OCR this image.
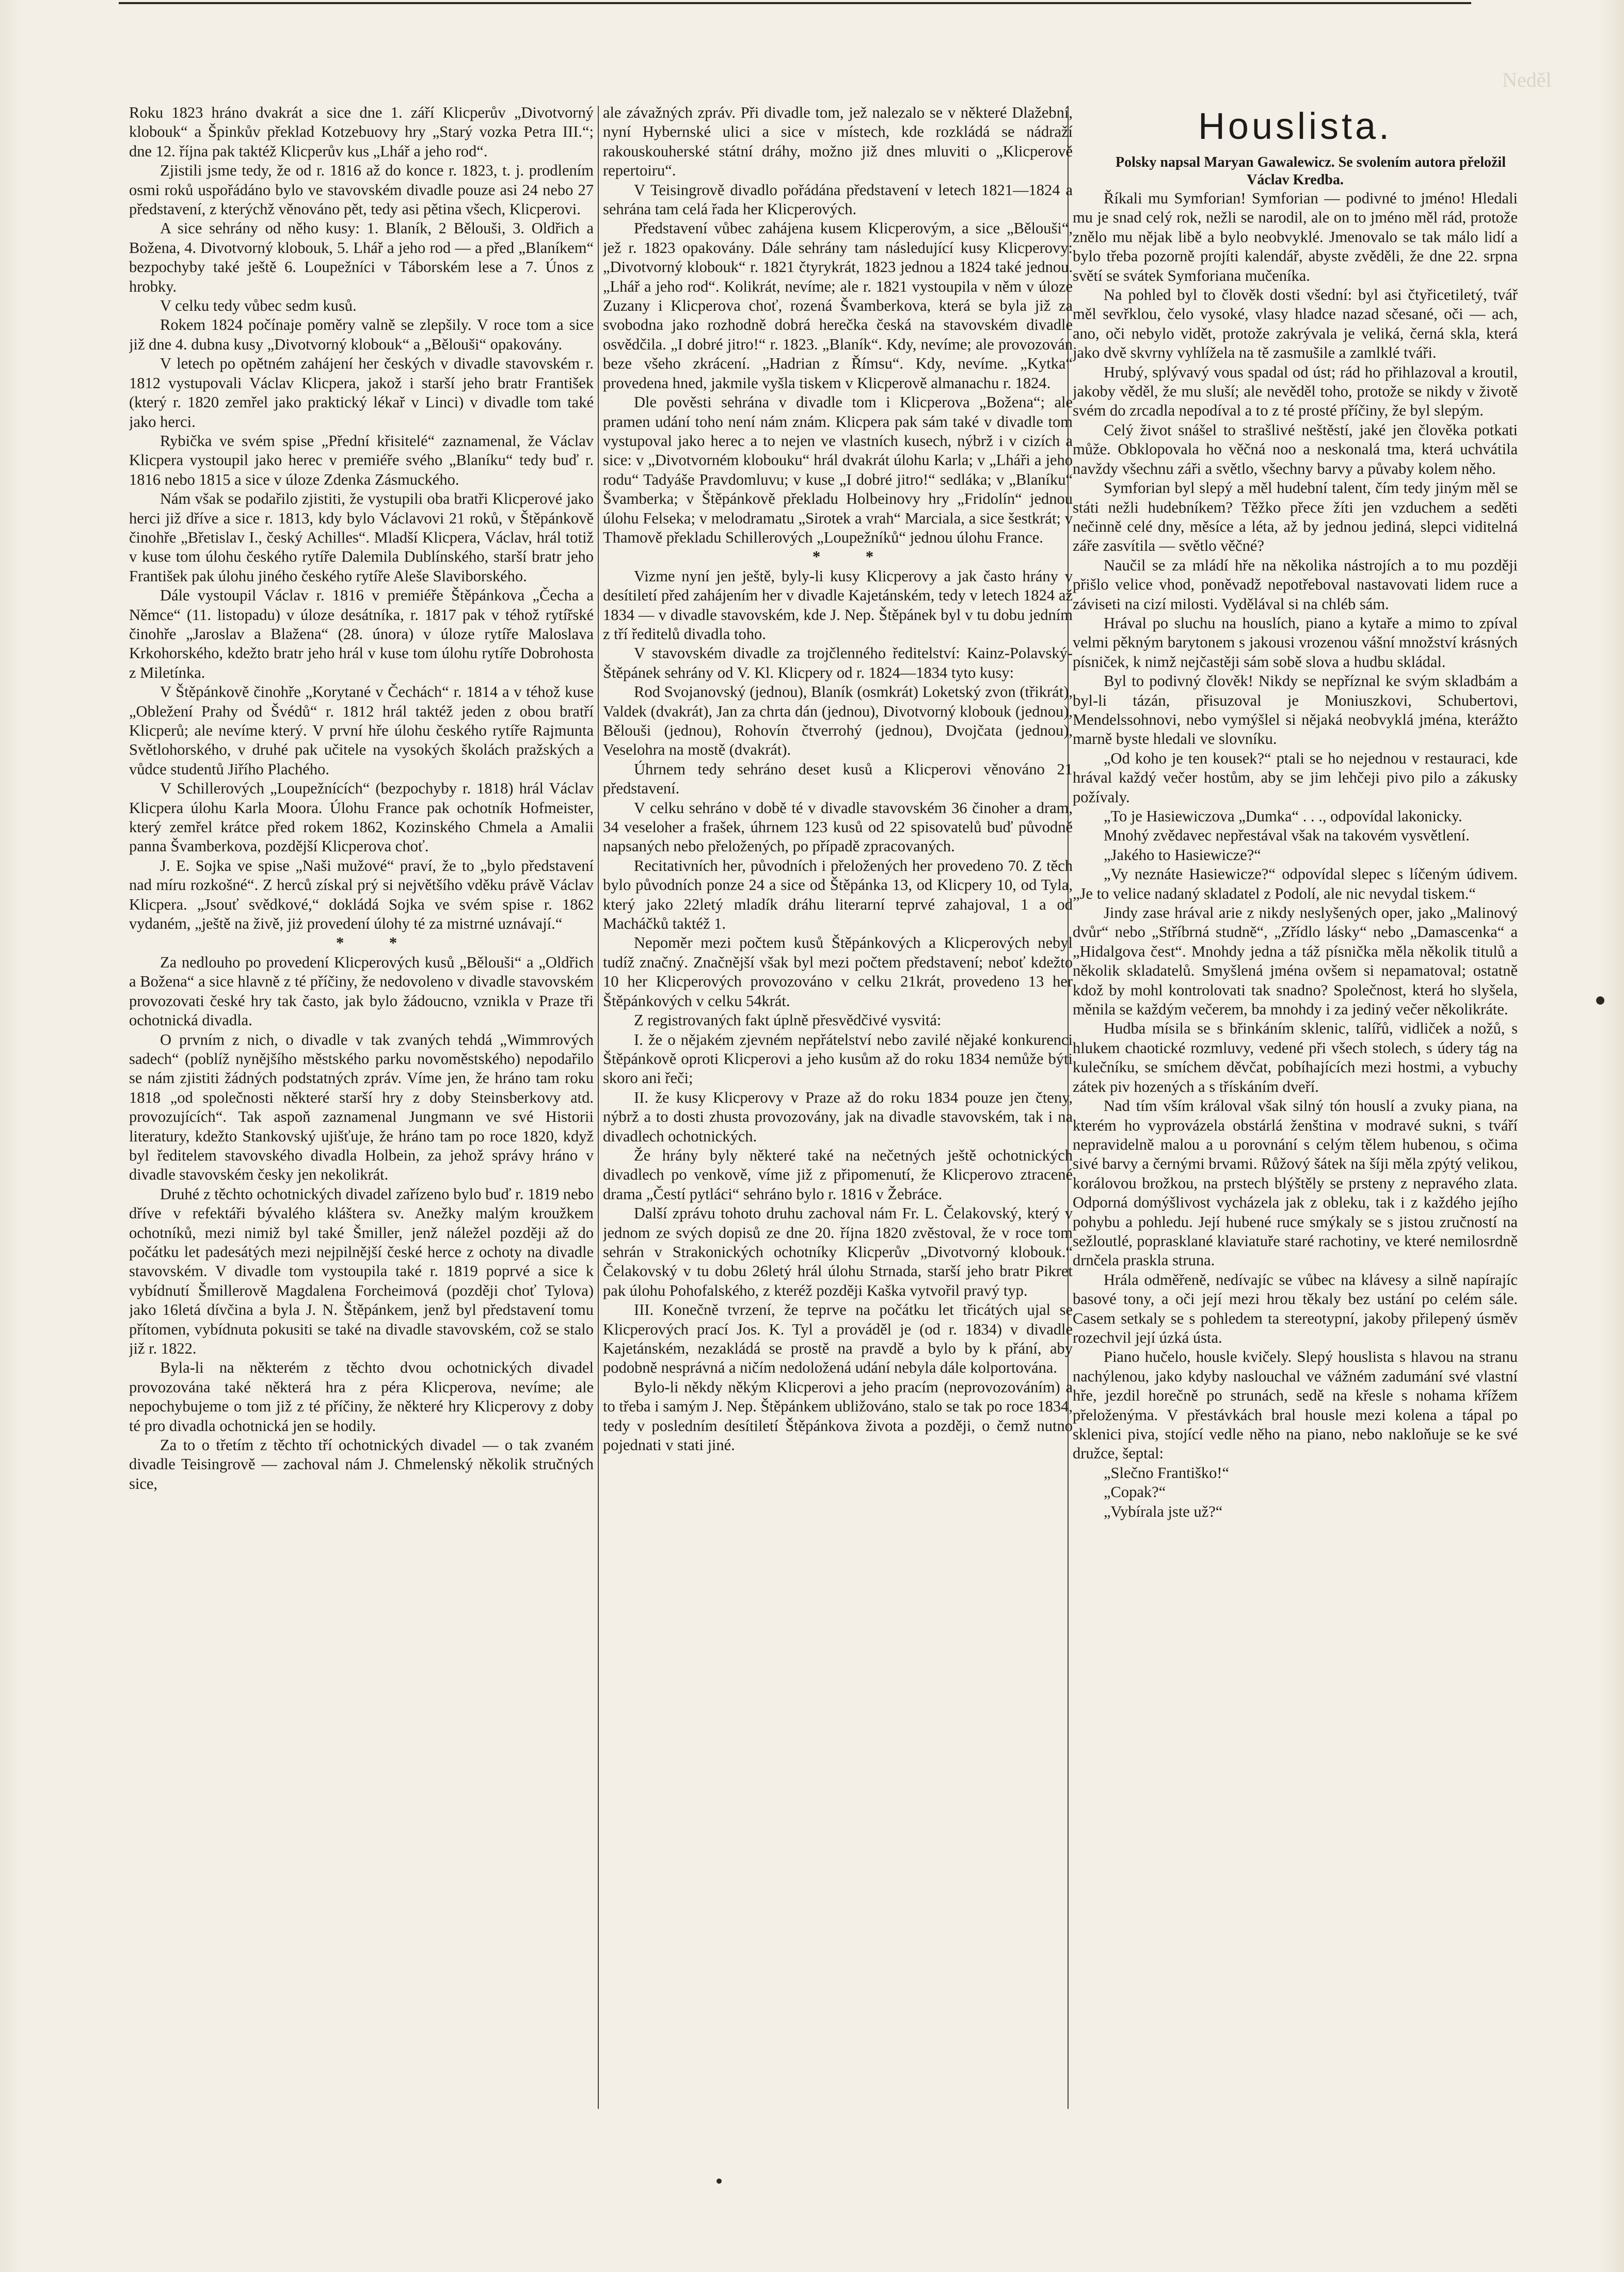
Neděl

Roku 1823 hráno dvakrát a sice dne 1. září Klicperův „Divotvorný klobouk“ a Špinkův překlad Kotzebuovy hry „Starý vozka Petra III.“; dne 12. října pak taktéž Klicperův kus „Lhář a jeho rod“.

Zjistili jsme tedy, že od r. 1816 až do konce r. 1823, t. j. prodlením osmi roků uspořádáno bylo ve stavovském divadle pouze asi 24 nebo 27 představení, z kterýchž věnováno pět, tedy asi pětina všech, Klicperovi.

A sice sehrány od něho kusy: 1. Blaník, 2 Bělouši, 3. Oldřich a Božena, 4. Divotvorný klobouk, 5. Lhář a jeho rod — a před „Blaníkem“ bezpochyby také ještě 6. Loupežníci v Táborském lese a 7. Únos z hrobky.

V celku tedy vůbec sedm kusů.

Rokem 1824 počínaje poměry valně se zlepšily. V roce tom a sice již dne 4. dubna kusy „Divotvorný klobouk“ a „Bělouši“ opakovány.

V letech po opětném zahájení her českých v divadle stavovském r. 1812 vystupovali Václav Klicpera, jakož i starší jeho bratr František (který r. 1820 zemřel jako praktický lékař v Linci) v divadle tom také jako herci.

Rybička ve svém spise „Přední křisitelé“ zaznamenal, že Václav Klicpera vystoupil jako herec v premiéře svého „Blaníku“ tedy buď r. 1816 nebo 1815 a sice v úloze Zdenka Zásmuckého.

Nám však se podařilo zjistiti, že vystupili oba bratři Klicperové jako herci již dříve a sice r. 1813, kdy bylo Václavovi 21 roků, v Štěpánkově činohře „Břetislav I., český Achilles“. Mladší Klicpera, Václav, hrál totiž v kuse tom úlohu českého rytíře Dalemila Dublínského, starší bratr jeho František pak úlohu jiného českého rytíře Aleše Slaviborského.

Dále vystoupil Václav r. 1816 v premiéře Štěpánkova „Čecha a Němce“ (11. listopadu) v úloze desátníka, r. 1817 pak v téhož rytířské činohře „Jaroslav a Blažena“ (28. února) v úloze rytíře Maloslava Krkohorského, kdežto bratr jeho hrál v kuse tom úlohu rytíře Dobrohosta z Miletínka.

V Štěpánkově činohře „Korytané v Čechách“ r. 1814 a v téhož kuse „Obležení Prahy od Švédů“ r. 1812 hrál taktéž jeden z obou bratří Klicperů; ale nevíme který. V první hře úlohu českého rytíře Rajmunta Světlohorského, v druhé pak učitele na vysokých školách pražských a vůdce studentů Jiřího Plachého.

V Schillerových „Loupežnících“ (bezpochyby r. 1818) hrál Václav Klicpera úlohu Karla Moora. Úlohu France pak ochotník Hofmeister, který zemřel krátce před rokem 1862, Kozinského Chmela a Amalii panna Švamberkova, pozdější Klicperova choť.

J. E. Sojka ve spise „Naši mužové“ praví, že to „bylo představení nad míru rozkošné“. Z herců získal prý si největšího vděku právě Václav Klicpera. „Jsouť svědkové,“ dokládá Sojka ve svém spise r. 1862 vydaném, „ještě na živě, jiż provedení úlohy té za mistrné uznávají.“

* *

Za nedlouho po provedení Klicperových kusů „Bělouši“ a „Oldřich a Božena“ a sice hlavně z té příčiny, že nedovoleno v divadle stavovském provozovati české hry tak často, jak bylo žádoucno, vznikla v Praze tři ochotnická divadla.

O prvním z nich, o divadle v tak zvaných tehdá „Wimmrových sadech“ (poblíž nynějšího městského parku novoměstského) nepodařilo se nám zjistiti žádných podstatných zpráv. Víme jen, že hráno tam roku 1818 „od společnosti některé starší hry z doby Steinsberkovy atd. provozujících“. Tak aspoň zaznamenal Jungmann ve své Historii literatury, kdežto Stankovský ujišťuje, že hráno tam po roce 1820, když byl ředitelem stavovského divadla Holbein, za jehož správy hráno v divadle stavovském česky jen nekolikrát.

Druhé z těchto ochotnických divadel zařízeno bylo buď r. 1819 nebo dříve v refektáři bývalého kláštera sv. Anežky malým kroužkem ochotníků, mezi nimiž byl také Šmiller, jenž náležel později až do počátku let padesátých mezi nejpilnější české herce z ochoty na divadle stavovském. V divadle tom vystoupila také r. 1819 poprvé a sice k vybídnutí Šmillerově Magdalena Forcheimová (později choť Tylova) jako 16letá dívčina a byla J. N. Štěpánkem, jenž byl představení tomu přítomen, vybídnuta pokusiti se také na divadle stavovském, což se stalo již r. 1822.

Byla-li na některém z těchto dvou ochotnických divadel provozována také některá hra z péra Klicperova, nevíme; ale nepochybujeme o tom již z té příčiny, že některé hry Klicperovy z doby té pro divadla ochotnická jen se hodily.

Za to o třetím z těchto tří ochotnických divadel — o tak zvaném divadle Teisingrově — zachoval nám J. Chmelenský několik stručných sice,

ale závažných zpráv. Při divadle tom, jež nalezalo se v některé Dlažební, nyní Hybernské ulici a sice v místech, kde rozkládá se nádraží rakouskouherské státní dráhy, možno již dnes mluviti o „Klicperově repertoiru“.

V Teisingrově divadlo pořádána představení v letech 1821—1824 a sehrána tam celá řada her Klicperových.

Představení vůbec zahájena kusem Klicperovým, a sice „Bělouši“, jež r. 1823 opakovány. Dále sehrány tam následující kusy Klicperovy: „Divotvorný klobouk“ r. 1821 čtyrykrát, 1823 jednou a 1824 také jednou. „Lhář a jeho rod“. Kolikrát, nevíme; ale r. 1821 vystoupila v něm v úloze Zuzany i Klicperova choť, rozená Švamberkova, která se byla již za svobodna jako rozhodně dobrá herečka česká na stavovském divadle osvědčila. „I dobré jitro!“ r. 1823. „Blaník“. Kdy, nevíme; ale provozován beze všeho zkrácení. „Hadrian z Římsu“. Kdy, nevíme. „Kytka“ provedena hned, jakmile vyšla tiskem v Klicperově almanachu r. 1824.

Dle pověsti sehrána v divadle tom i Klicperova „Božena“; ale pramen udání toho není nám znám. Klicpera pak sám také v divadle tom vystupoval jako herec a to nejen ve vlastních kusech, nýbrž i v cizích a sice: v „Divotvorném klobouku“ hrál dvakrát úlohu Karla; v „Lháři a jeho rodu“ Tadyáše Pravdomluvu; v kuse „I dobré jitro!“ sedláka; v „Blaníku“ Švamberka; v Štěpánkově překladu Holbeinovy hry „Fridolín“ jednou úlohu Felseka; v melodramatu „Sirotek a vrah“ Marciala, a sice šestkrát; v Thamově překladu Schillerových „Loupežníků“ jednou úlohu France.

* *

Vizme nyní jen ještě, byly-li kusy Klicperovy a jak často hrány v desítiletí před zahájením her v divadle Kajetánském, tedy v letech 1824 až 1834 — v divadle stavovském, kde J. Nep. Štěpánek byl v tu dobu jedním z tří ředitelů divadla toho.

V stavovském divadle za trojčlenného ředitelství: Kainz-Polavský-Štěpánek sehrány od V. Kl. Klicpery od r. 1824—1834 tyto kusy:

Rod Svojanovský (jednou), Blaník (osmkrát) Loketský zvon (třikrát), Valdek (dvakrát), Jan za chrta dán (jednou), Divotvorný klobouk (jednou), Bělouši (jednou), Rohovín čtverrohý (jednou), Dvojčata (jednou), Veselohra na mostě (dvakrát).

Úhrnem tedy sehráno deset kusů a Klicperovi věnováno 21 představení.

V celku sehráno v době té v divadle stavovském 36 činoher a dram, 34 veseloher a frašek, úhrnem 123 kusů od 22 spisovatelů buď původně napsaných nebo přeložených, po případě zpracovaných.

Recitativních her, původních i přeložených her provedeno 70. Z těch bylo původních ponze 24 a sice od Štěpánka 13, od Klicpery 10, od Tyla, který jako 22letý mladík dráhu literarní teprvé zahajoval, 1 a od Macháčků taktéž 1.

Nepoměr mezi počtem kusů Štěpánkových a Klicperových nebyl tudíž značný. Značnější však byl mezi počtem představení; neboť kdežto 10 her Klicperových provozováno v celku 21krát, provedeno 13 her Štěpánkových v celku 54krát.

Z registrovaných fakt úplně přesvědčivé vysvitá:

I. že o nějakém zjevném nepřátelství nebo zavilé nějaké konkurenci Štěpánkově oproti Klicperovi a jeho kusům až do roku 1834 nemůže býti skoro ani řeči;

II. že kusy Klicperovy v Praze až do roku 1834 pouze jen čteny, nýbrž a to dosti zhusta provozovány, jak na divadle stavovském, tak i na divadlech ochotnických.

Že hrány byly některé také na nečetných ještě ochotnických divadlech po venkově, víme již z připomenutí, že Klicperovo ztracené drama „Čestí pytláci“ sehráno bylo r. 1816 v Žebráce.

Další zprávu tohoto druhu zachoval nám Fr. L. Čelakovský, který v jednom ze svých dopisů ze dne 20. října 1820 zvěstoval, že v roce tom sehrán v Strakonických ochotníky Klicperův „Divotvorný klobouk.“ Čelakovský v tu dobu 26letý hrál úlohu Strnada, starší jeho bratr Pikret pak úlohu Pohofalského, z kteréž později Kaška vytvořil pravý typ.

III. Konečně tvrzení, že teprve na počátku let třicátých ujal se Klicperových prací Jos. K. Tyl a prováděl je (od r. 1834) v divadle Kajetánském, nezakládá se prostě na pravdě a bylo by k přání, aby podobně nesprávná a ničím nedoložená udání nebyla dále kolportována.

Bylo-li někdy někým Klicperovi a jeho pracím (neprovozováním) a to třeba i samým J. Nep. Štěpánkem ubližováno, stalo se tak po roce 1834, tedy v posledním desítiletí Štěpánkova života a později, o čemž nutno pojednati v stati jiné.

Houslista.

Polsky napsal Maryan Gawalewicz. Se svolením autora přeložil Václav Kredba.

Říkali mu Symforian! Symforian — podivné to jméno! Hledali mu je snad celý rok, nežli se narodil, ale on to jméno měl rád, protože znělo mu nějak libě a bylo neobvyklé. Jmenovalo se tak málo lidí a bylo třeba pozorně projíti kalendář, abyste zvěděli, že dne 22. srpna světí se svátek Symforiana mučeníka.

Na pohled byl to člověk dosti všední: byl asi čtyřicetiletý, tvář měl sevřklou, čelo vysoké, vlasy hladce nazad sčesané, oči — ach, ano, oči nebylo vidět, protože zakrývala je veliká, černá skla, která jako dvě skvrny vyhlížela na tě zasmušile a zamlklé tváři.

Hrubý, splývavý vous spadal od úst; rád ho přihlazoval a kroutil, jakoby věděl, že mu sluší; ale nevěděl toho, protože se nikdy v životě svém do zrcadla nepodíval a to z té prosté příčiny, že byl slepým.

Celý život snášel to strašlivé neštěstí, jaké jen člověka potkati může. Obklopovala ho věčná noo a neskonalá tma, která uchvátila navždy všechnu záři a světlo, všechny barvy a půvaby kolem něho.

Symforian byl slepý a měl hudební talent, čím tedy jiným měl se státi nežli hudebníkem? Těžko přece žíti jen vzduchem a seděti nečinně celé dny, měsíce a léta, až by jednou jediná, slepci viditelná záře zasvítila — světlo věčné?

Naučil se za mládí hře na několika nástrojích a to mu později přišlo velice vhod, poněvadž nepotřeboval nastavovati lidem ruce a záviseti na cizí milosti. Vydělával si na chléb sám.

Hrával po sluchu na houslích, piano a kytaře a mimo to zpíval velmi pěkným barytonem s jakousi vrozenou vášní množství krásných písniček, k nimž nejčastěji sám sobě slova a hudbu skládal.

Byl to podivný člověk! Nikdy se nepříznal ke svým skladbám a byl-li tázán, přisuzoval je Moniuszkovi, Schubertovi, Mendelssohnovi, nebo vymýšlel si nějaká neobvyklá jména, kterážto marně byste hledali ve slovníku.

„Od koho je ten kousek?“ ptali se ho nejednou v restauraci, kde hrával každý večer hostům, aby se jim lehčeji pivo pilo a zákusky požívaly.

„To je Hasiewiczova „Dumka“ . . ., odpovídal lakonicky.

Mnohý zvědavec nepřestával však na takovém vysvětlení.

„Jakého to Hasiewicze?“

„Vy neznáte Hasiewicze?“ odpovídal slepec s líčeným údivem. „Je to velice nadaný skladatel z Podolí, ale nic nevydal tiskem.“

Jindy zase hrával arie z nikdy neslyšených oper, jako „Malinový dvůr“ nebo „Stříbrná studně“, „Zřídlo lásky“ nebo „Damascenka“ a „Hidalgova čest“. Mnohdy jedna a táž písnička měla několik titulů a několik skladatelů. Smyšlená jména ovšem si nepamatoval; ostatně kdož by mohl kontrolovati tak snadno? Společnost, která ho slyšela, měnila se každým večerem, ba mnohdy i za jediný večer několikráte.

Hudba mísila se s břinkáním sklenic, talířů, vidliček a nožů, s hlukem chaotické rozmluvy, vedené při všech stolech, s údery tág na kulečníku, se smíchem děvčat, pobíhajících mezi hostmi, a vybuchy zátek piv hozených a s třískáním dveří.

Nad tím vším královal však silný tón houslí a zvuky piana, na kterém ho vyprovázela obstárlá ženština v modravé sukni, s tváří nepravidelně malou a u porovnání s celým tělem hubenou, s očima sivé barvy a černými brvami. Růžový šátek na šíji měla zpýtý velikou, korálovou brožkou, na prstech blýštěly se prsteny z nepravého zlata. Odporná domýšlivost vycházela jak z obleku, tak i z každého jejího pohybu a pohledu. Její hubené ruce smýkaly se s jistou zručností na sežloutlé, poprasklané klaviatuře staré rachotiny, ve které nemilosrdně drnčela praskla struna.

Hrála odměřeně, nedívajíc se vůbec na klávesy a silně napírajíc basové tony, a oči její mezi hrou těkaly bez ustání po celém sále. Casem setkaly se s pohledem ta stereotypní, jakoby přilepený úsměv rozechvil její úzká ústa.

Piano hučelo, housle kvičely. Slepý houslista s hlavou na stranu nachýlenou, jako kdyby naslouchal ve vážném zadumání své vlastní hře, jezdil horečně po strunách, sedě na křesle s nohama křížem přeloženýma. V přestávkách bral housle mezi kolena a tápal po sklenici piva, stojící vedle něho na piano, nebo nakloňuje se ke své družce, šeptal:

„Slečno Františko!“

„Copak?“

„Vybírala jste už?“
